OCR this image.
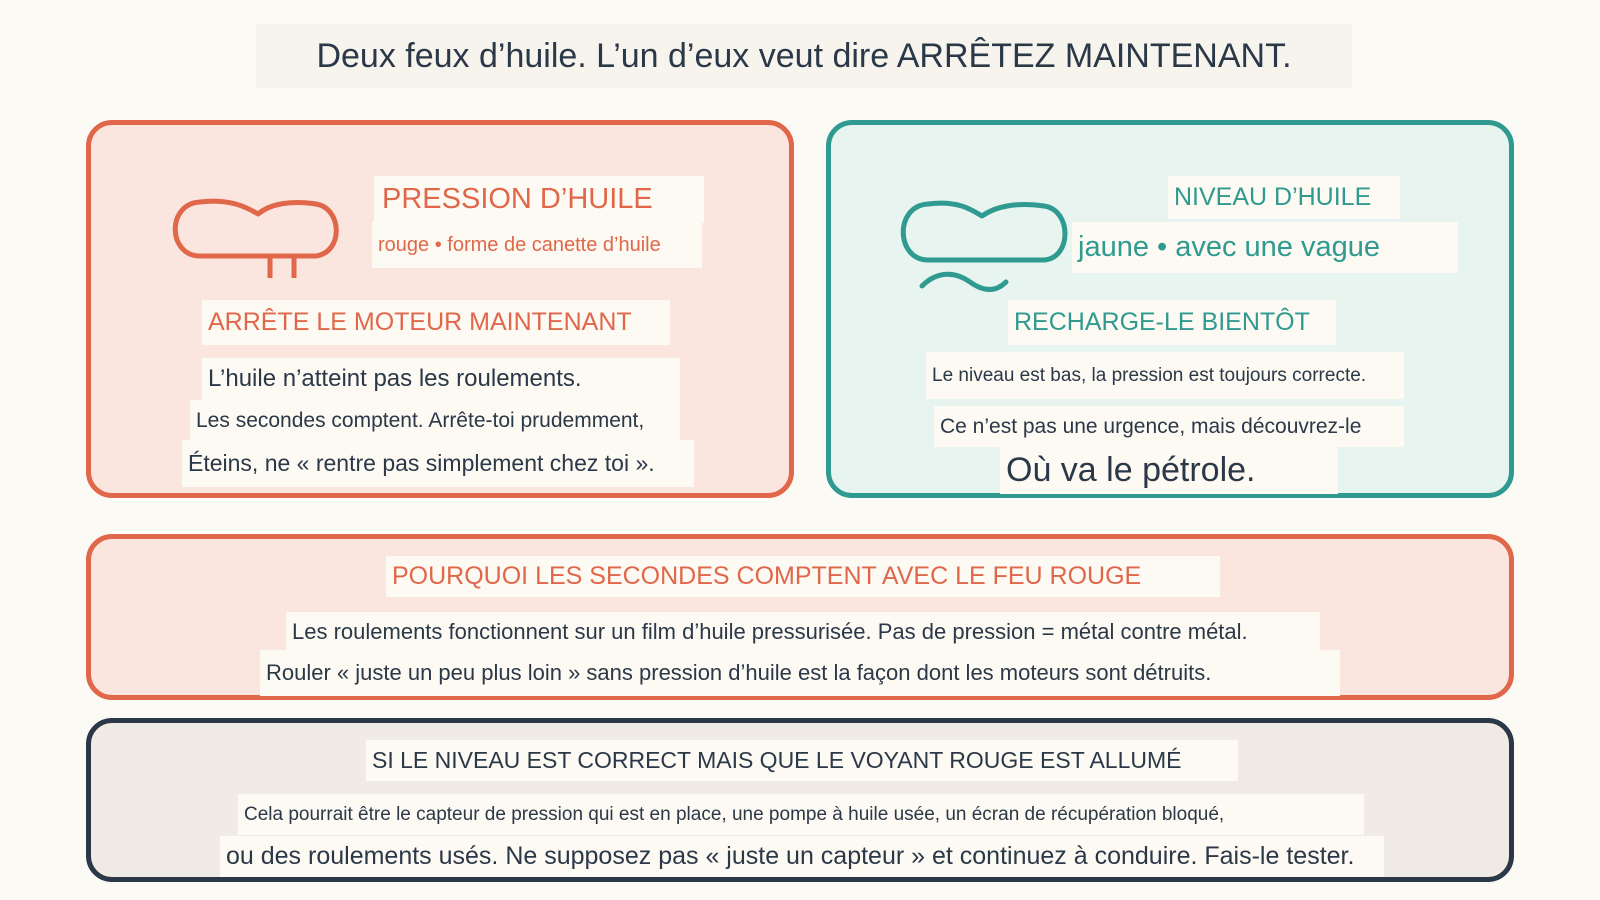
Deux feux d’huile. L’un d’eux veut dire ARRÊTEZ MAINTENANT.
PRESSION D’HUILE
rouge • forme de canette d’huile
ARRÊTE LE MOTEUR MAINTENANT
L’huile n’atteint pas les roulements.
Les secondes comptent. Arrête-toi prudemment,
Éteins, ne « rentre pas simplement chez toi ».
NIVEAU D’HUILE
jaune • avec une vague
RECHARGE-LE BIENTÔT
Le niveau est bas, la pression est toujours correcte.
Ce n’est pas une urgence, mais découvrez-le
Où va le pétrole.
POURQUOI LES SECONDES COMPTENT AVEC LE FEU ROUGE
Les roulements fonctionnent sur un film d’huile pressurisée. Pas de pression = métal contre métal.
Rouler « juste un peu plus loin » sans pression d’huile est la façon dont les moteurs sont détruits.
SI LE NIVEAU EST CORRECT MAIS QUE LE VOYANT ROUGE EST ALLUMÉ
Cela pourrait être le capteur de pression qui est en place, une pompe à huile usée, un écran de récupération bloqué,
ou des roulements usés. Ne supposez pas « juste un capteur » et continuez à conduire. Fais-le tester.
